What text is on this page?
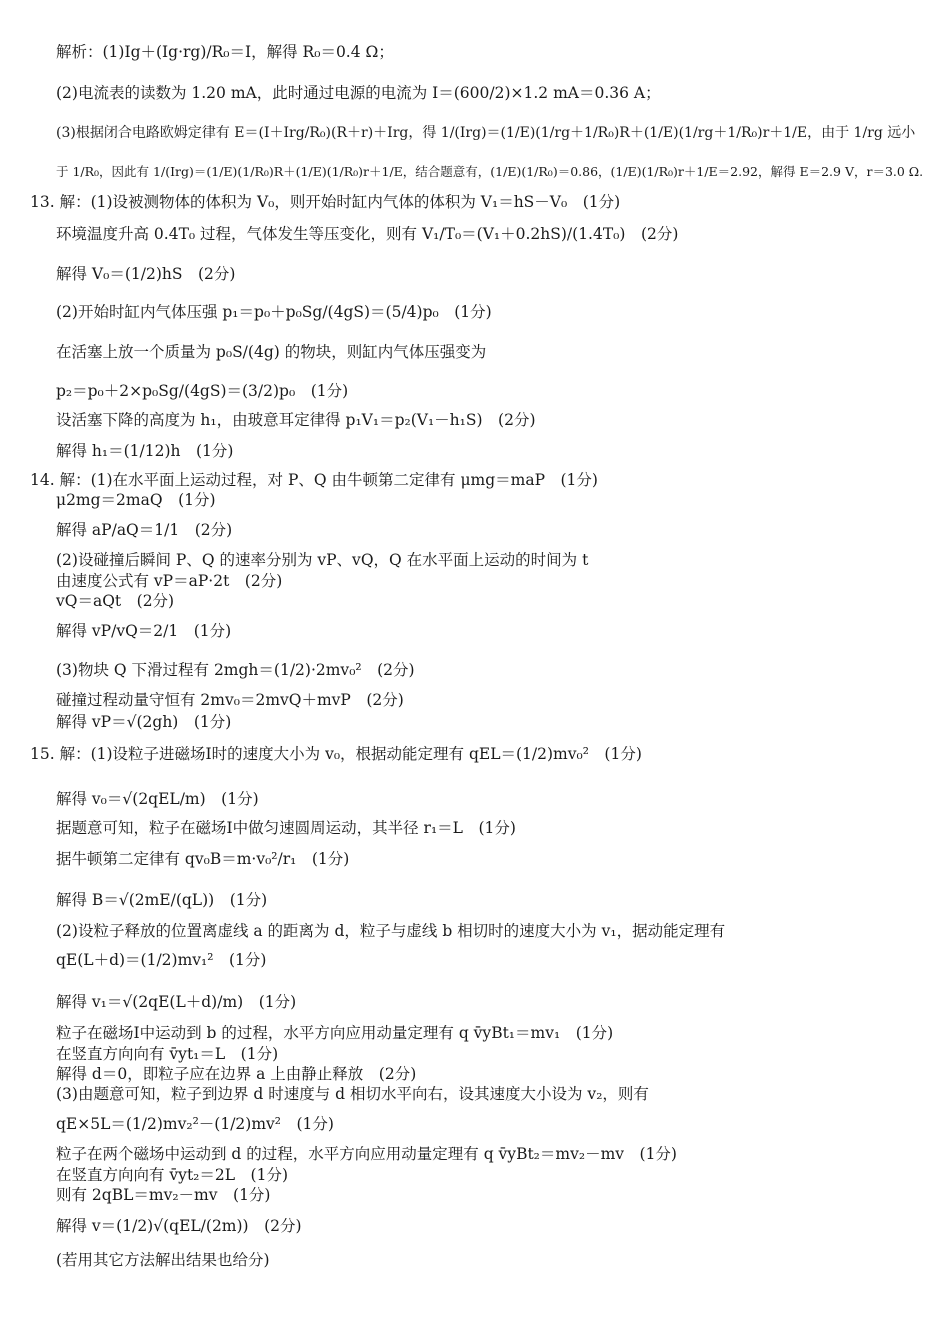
解析：(1)Ig＋(Ig·rg)/R₀＝I，解得 R₀＝0.4 Ω；
(2)电流表的读数为 1.20 mA，此时通过电源的电流为 I＝(600/2)×1.2 mA＝0.36 A；
(3)根据闭合电路欧姆定律有 E＝(I＋Irg/R₀)(R＋r)＋Irg，得 1/(Irg)＝(1/E)(1/rg＋1/R₀)R＋(1/E)(1/rg＋1/R₀)r＋1/E，由于 1/rg 远小
于 1/R₀，因此有 1/(Irg)＝(1/E)(1/R₀)R＋(1/E)(1/R₀)r＋1/E，结合题意有，(1/E)(1/R₀)＝0.86，(1/E)(1/R₀)r＋1/E＝2.92，解得 E＝2.9 V，r＝3.0 Ω.
13. 解：(1)设被测物体的体积为 V₀，则开始时缸内气体的体积为 V₁＝hS－V₀　(1分)
环境温度升高 0.4T₀ 过程，气体发生等压变化，则有 V₁/T₀＝(V₁＋0.2hS)/(1.4T₀)　(2分)
解得 V₀＝(1/2)hS　(2分)
(2)开始时缸内气体压强 p₁＝p₀＋p₀Sg/(4gS)＝(5/4)p₀　(1分)
在活塞上放一个质量为 p₀S/(4g) 的物块，则缸内气体压强变为
p₂＝p₀＋2×p₀Sg/(4gS)＝(3/2)p₀　(1分)
设活塞下降的高度为 h₁，由玻意耳定律得 p₁V₁＝p₂(V₁－h₁S)　(2分)
解得 h₁＝(1/12)h　(1分)
14. 解：(1)在水平面上运动过程，对 P、Q 由牛顿第二定律有 μmg＝maP　(1分)
μ2mg＝2maQ　(1分)
解得 aP/aQ＝1/1　(2分)
(2)设碰撞后瞬间 P、Q 的速率分别为 vP、vQ，Q 在水平面上运动的时间为 t
由速度公式有 vP＝aP·2t　(2分)
vQ＝aQt　(2分)
解得 vP/vQ＝2/1　(1分)
(3)物块 Q 下滑过程有 2mgh＝(1/2)·2mv₀²　(2分)
碰撞过程动量守恒有 2mv₀＝2mvQ＋mvP　(2分)
解得 vP＝√(2gh)　(1分)
15. 解：(1)设粒子进磁场Ⅰ时的速度大小为 v₀，根据动能定理有 qEL＝(1/2)mv₀²　(1分)
解得 v₀＝√(2qEL/m)　(1分)
据题意可知，粒子在磁场Ⅰ中做匀速圆周运动，其半径 r₁＝L　(1分)
据牛顿第二定律有 qv₀B＝m·v₀²/r₁　(1分)
解得 B＝√(2mE/(qL))　(1分)
(2)设粒子释放的位置离虚线 a 的距离为 d，粒子与虚线 b 相切时的速度大小为 v₁，据动能定理有
qE(L＋d)＝(1/2)mv₁²　(1分)
解得 v₁＝√(2qE(L＋d)/m)　(1分)
粒子在磁场Ⅰ中运动到 b 的过程，水平方向应用动量定理有 q v̄yBt₁＝mv₁　(1分)
在竖直方向向有 v̄yt₁＝L　(1分)
解得 d＝0，即粒子应在边界 a 上由静止释放　(2分)
(3)由题意可知，粒子到边界 d 时速度与 d 相切水平向右，设其速度大小设为 v₂，则有
qE×5L＝(1/2)mv₂²－(1/2)mv²　(1分)
粒子在两个磁场中运动到 d 的过程，水平方向应用动量定理有 q v̄yBt₂＝mv₂－mv　(1分)
在竖直方向向有 v̄yt₂＝2L　(1分)
则有 2qBL＝mv₂－mv　(1分)
解得 v＝(1/2)√(qEL/(2m))　(2分)
(若用其它方法解出结果也给分)
